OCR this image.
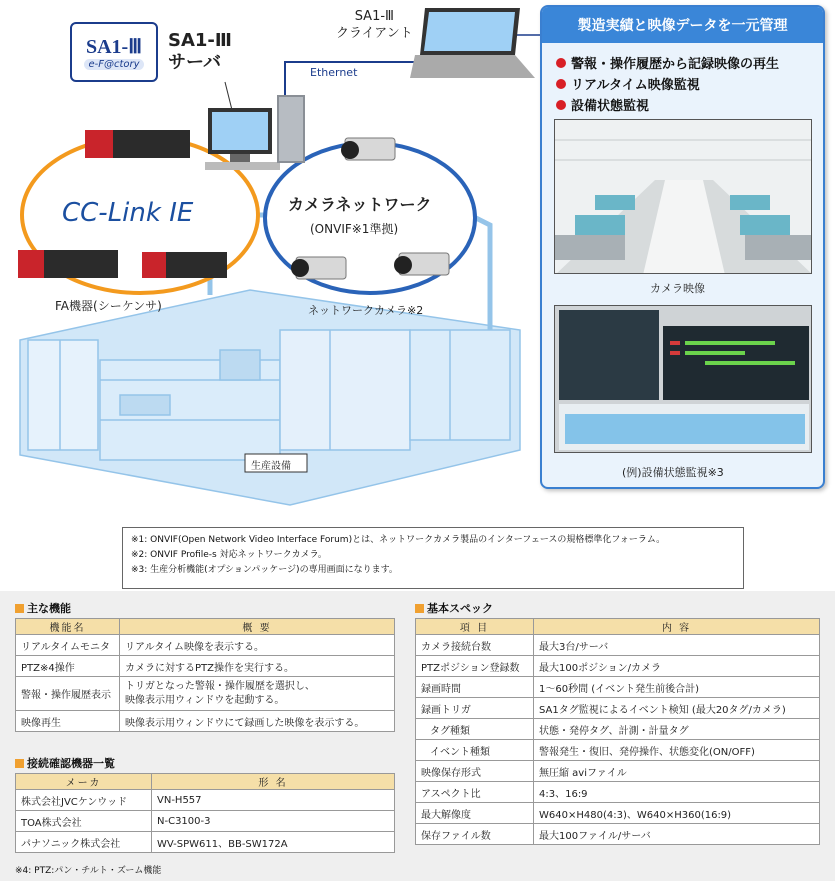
SA1-Ⅲ
e-F@ctory
SA1-Ⅲ
サーバ
SA1-Ⅲ
クライアント
Ethernet
CC-Link IE
FA機器(シーケンサ)
カメラネットワーク
(ONVIF※1準拠)
ネットワークカメラ※2
生産設備
製造実績と映像データを一元管理
警報・操作履歴から記録映像の再生
リアルタイム映像監視
設備状態監視
カメラ映像
(例)設備状態監視※3
※1: ONVIF(Open Network Video Interface Forum)とは、ネットワークカメラ製品のインターフェースの規格標準化フォーラム。
※2: ONVIF Profile-s 対応ネットワークカメラ。
※3: 生産分析機能(オプションパッケージ)の専用画面になります。
主な機能
機能名	概 要
リアルタイムモニタ	リアルタイム映像を表示する。
PTZ※4操作	カメラに対するPTZ操作を実行する。
警報・操作履歴表示	トリガとなった警報・操作履歴を選択し、
映像表示用ウィンドウを起動する。
映像再生	映像表示用ウィンドウにて録画した映像を表示する。
接続確認機器一覧
メーカ	形 名
株式会社JVCケンウッド	VN-H557
TOA株式会社	N-C3100-3
パナソニック株式会社	WV-SPW611、BB-SW172A
※4: PTZ:パン・チルト・ズーム機能
基本スペック
項 目	内 容
カメラ接続台数	最大3台/サーバ
PTZポジション登録数	最大100ポジション/カメラ
録画時間	1～60秒間 (イベント発生前後合計)
録画トリガ	SA1タグ監視によるイベント検知 (最大20タグ/カメラ)
タグ種類	状態・発停タグ、計測・計量タグ
イベント種類	警報発生・復旧、発停操作、状態変化(ON/OFF)
映像保存形式	無圧縮 aviファイル
アスペクト比	4:3、16:9
最大解像度	W640×H480(4:3)、W640×H360(16:9)
保存ファイル数	最大100ファイル/サーバ
